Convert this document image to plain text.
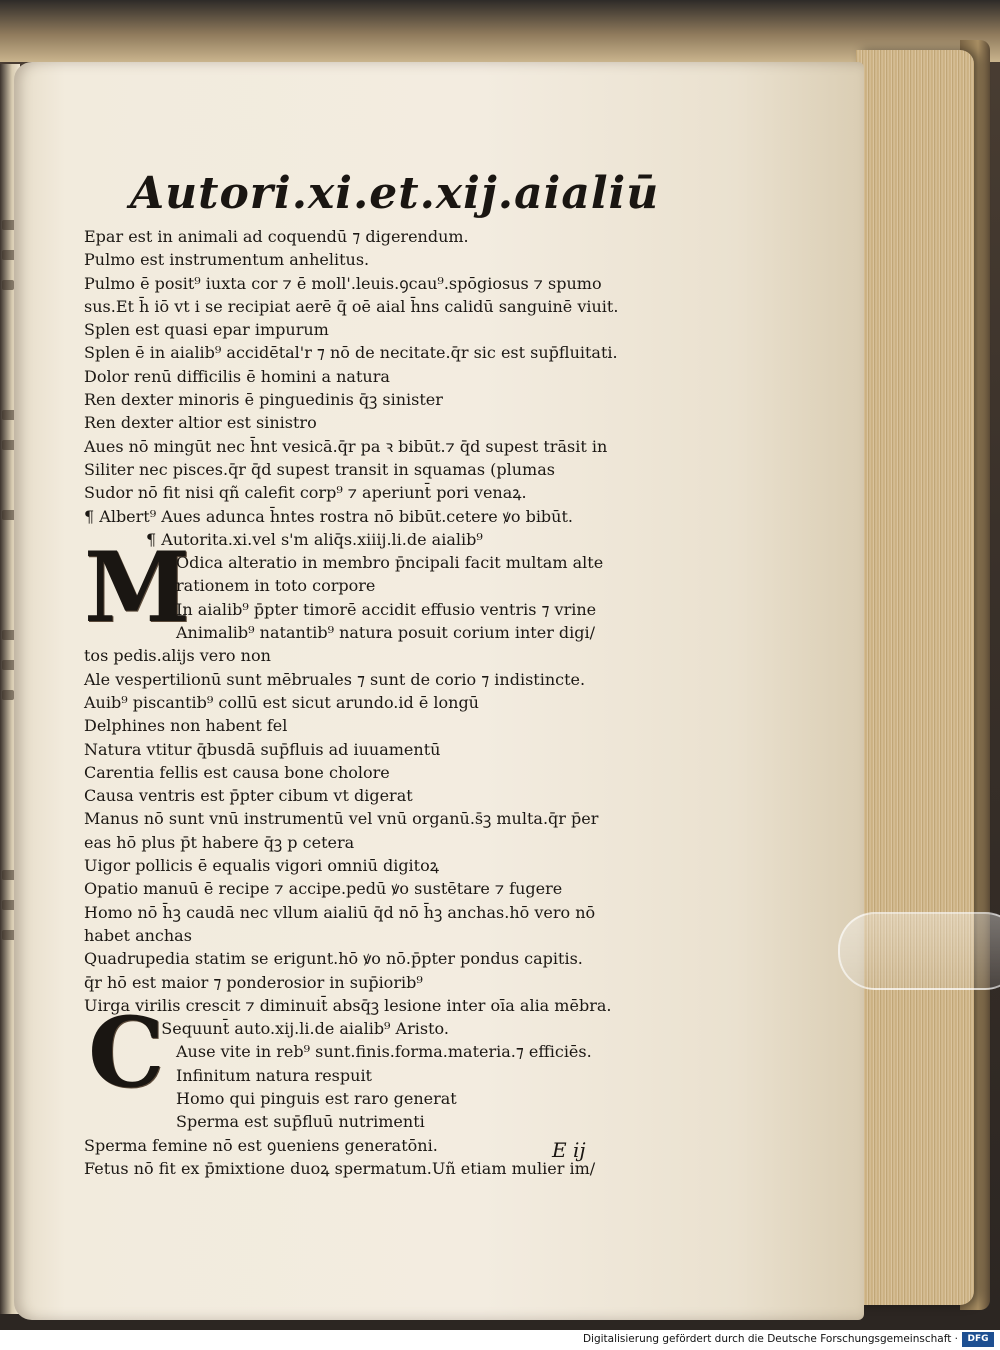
Autori.xi.et.xij.aialiū
M
C
Epar est in animali ad coquendū ⁊ digerendum.
Pulmo est instrumentum anhelitus.
Pulmo ē posit⁹ iuxta cor ⁊ ē moll'.leuis.ꝯcau⁹.spōgiosus ⁊ spumo
sus.Et h̄ iō vt i se recipiat aerē q̄ oē aial h̄ns calidū sanguinē viuit.
Splen est quasi epar impurum
Splen ē in aialib⁹ accidētal'r ⁊ nō de necitate.q̄r sic est sup̄fluitati.
Dolor renū difficilis ē homini a natura
Ren dexter minoris ē pinguedinis q̄ꝫ sinister
Ren dexter altior est sinistro
Aues nō mingūt nec h̄nt vesicā.q̄r pa ꝛ bibūt.⁊ q̄d supest trāsit in
Siliter nec pisces.q̄r q̄d supest transit in squamas (plumas
Sudor nō fit nisi qñ calefit corp⁹ ⁊ aperiunt̄ pori venaꝝ.
¶ Albert⁹ Aues adunca h̄ntes rostra nō bibūt.cetere ꝟo bibūt.
¶ Autorita.xi.vel s'm aliq̄s.xiiij.li.de aialib⁹
Odica alteratio in membro p̄ncipali facit multam alte
rationem in toto corpore
In aialib⁹ p̄pter timorē accidit effusio ventris ⁊ vrine
Animalib⁹ natantib⁹ natura posuit corium inter digi/
tos pedis.alijs vero non
Ale vespertilionū sunt mēbruales ⁊ sunt de corio ⁊ indistincte.
Auib⁹ piscantib⁹ collū est sicut arundo.id ē longū
Delphines non habent fel
Natura vtitur q̄busdā sup̄fluis ad iuuamentū
Carentia fellis est causa bone cholore
Causa ventris est p̄pter cibum vt digerat
Manus nō sunt vnū instrumentū vel vnū organū.s̄ꝫ multa.q̄r p̄er
eas hō plus p̄t habere q̄ꝫ p cetera
Uigor pollicis ē equalis vigori omniū digitoꝝ
Opatio manuū ē recipe ⁊ accipe.pedū ꝟo sustētare ⁊ fugere
Homo nō h̄ꝫ caudā nec vllum aialiū q̄d nō h̄ꝫ anchas.hō vero nō
habet anchas
Quadrupedia statim se erigunt.hō ꝟo nō.p̄pter pondus capitis.
q̄r hō est maior ⁊ ponderosior in sup̄iorib⁹
Uirga virilis crescit ⁊ diminuit̄ absq̄ꝫ lesione inter oīa alia mēbra.
¶ Sequunt̄ auto.xij.li.de aialib⁹ Aristo.
Ause vite in reb⁹ sunt.finis.forma.materia.⁊ efficiēs.
Infinitum natura respuit
Homo qui pinguis est raro generat
Sperma est sup̄fluū nutrimenti
Sperma femine nō est ꝯueniens generatōni.
Fetus nō fit ex p̄mixtione duoꝝ spermatum.Uñ etiam mulier im/
E ij
Digitalisierung gefördert durch die Deutsche Forschungsgemeinschaft ·	DFG
